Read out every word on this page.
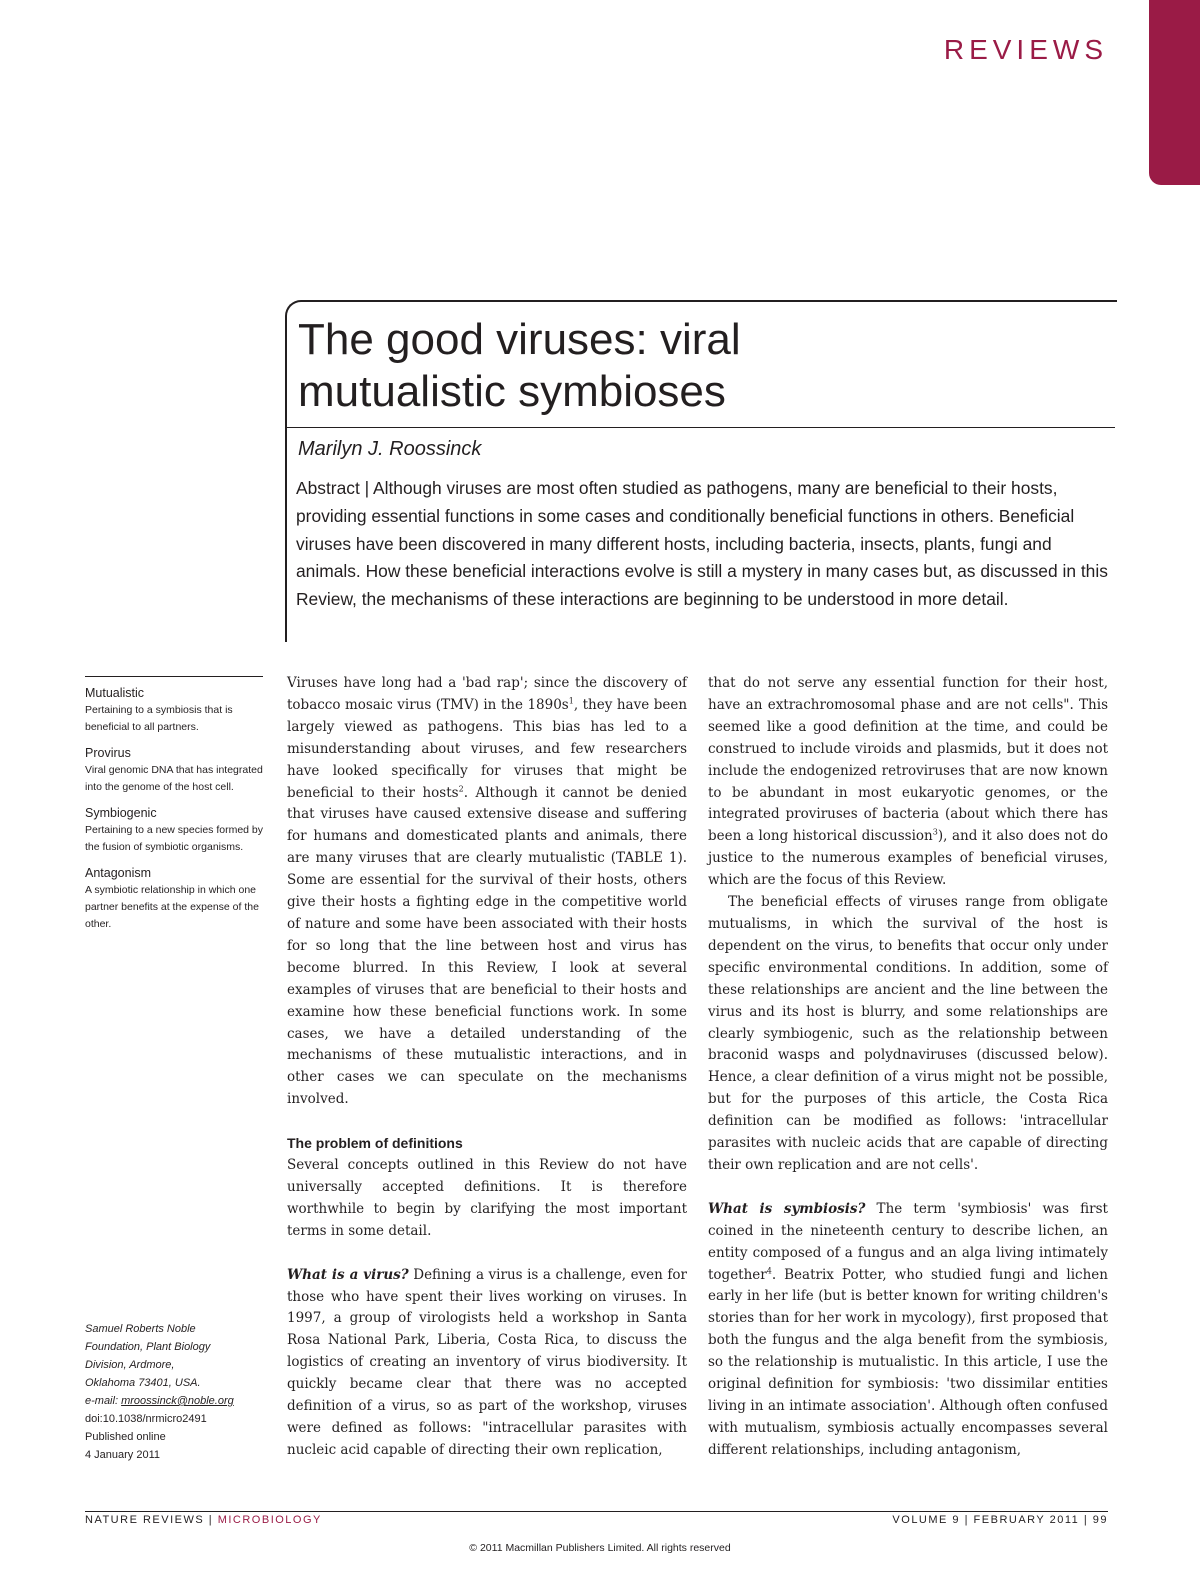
REVIEWS
The good viruses: viral
mutualistic symbioses
Marilyn J. Roossinck
Abstract | Although viruses are most often studied as pathogens, many are beneficial to their hosts, providing essential functions in some cases and conditionally beneficial functions in others. Beneficial viruses have been discovered in many different hosts, including bacteria, insects, plants, fungi and animals. How these beneficial interactions evolve is still a mystery in many cases but, as discussed in this Review, the mechanisms of these interactions are beginning to be understood in more detail.
Mutualistic
Pertaining to a symbiosis that is beneficial to all partners.
Provirus
Viral genomic DNA that has integrated into the genome of the host cell.
Symbiogenic
Pertaining to a new species formed by the fusion of symbiotic organisms.
Antagonism
A symbiotic relationship in which one partner benefits at the expense of the other.
Samuel Roberts Noble
Foundation, Plant Biology
Division, Ardmore,
Oklahoma 73401, USA.
e-mail: mroossinck@noble.org
doi:10.1038/nrmicro2491
Published online
4 January 2011

Viruses have long had a 'bad rap'; since the discovery of tobacco mosaic virus (TMV) in the $1890s^1$, they have been largely viewed as pathogens. This bias has led to a misunderstanding about viruses, and few researchers have looked specifically for viruses that might be beneficial to their hosts$^2$. Although it cannot be denied that viruses have caused extensive disease and suffering for humans and domesticated plants and animals, there are many viruses that are clearly mutualistic (TABLE 1). Some are essential for the survival of their hosts, others give their hosts a fighting edge in the competitive world of nature and some have been associated with their hosts for so long that the line between host and virus has become blurred. In this Review, I look at several examples of viruses that are beneficial to their hosts and examine how these beneficial functions work. In some cases, we have a detailed understanding of the mechanisms of these mutualistic interactions, and in other cases we can speculate on the mechanisms involved.

The problem of definitions

Several concepts outlined in this Review do not have universally accepted definitions. It is therefore worthwhile to begin by clarifying the most important terms in some detail.

What is a virus? Defining a virus is a challenge, even for those who have spent their lives working on viruses. In 1997, a group of virologists held a workshop in Santa Rosa National Park, Liberia, Costa Rica, to discuss the logistics of creating an inventory of virus biodiversity. It quickly became clear that there was no accepted definition of a virus, so as part of the workshop, viruses were defined as follows: "intracellular parasites with nucleic acid capable of directing their own replication,

that do not serve any essential function for their host, have an extrachromosomal phase and are not cells". This seemed like a good definition at the time, and could be construed to include viroids and plasmids, but it does not include the endogenized retroviruses that are now known to be abundant in most eukaryotic genomes, or the integrated proviruses of bacteria (about which there has been a long historical discussion$^3$), and it also does not do justice to the numerous examples of beneficial viruses, which are the focus of this Review.

The beneficial effects of viruses range from obligate mutualisms, in which the survival of the host is dependent on the virus, to benefits that occur only under specific environmental conditions. In addition, some of these relationships are ancient and the line between the virus and its host is blurry, and some relationships are clearly symbiogenic, such as the relationship between braconid wasps and polydnaviruses (discussed below). Hence, a clear definition of a virus might not be possible, but for the purposes of this article, the Costa Rica definition can be modified as follows: 'intracellular parasites with nucleic acids that are capable of directing their own replication and are not cells'.

What is symbiosis? The term 'symbiosis' was first coined in the nineteenth century to describe lichen, an entity composed of a fungus and an alga living intimately together$^4$. Beatrix Potter, who studied fungi and lichen early in her life (but is better known for writing children's stories than for her work in mycology), first proposed that both the fungus and the alga benefit from the symbiosis, so the relationship is mutualistic. In this article, I use the original definition for symbiosis: 'two dissimilar entities living in an intimate association'. Although often confused with mutualism, symbiosis actually encompasses several different relationships, including antagonism,

NATURE REVIEWS | MICROBIOLOGY	VOLUME 9 | FEBRUARY 2011 | 99
© 2011 Macmillan Publishers Limited. All rights reserved
